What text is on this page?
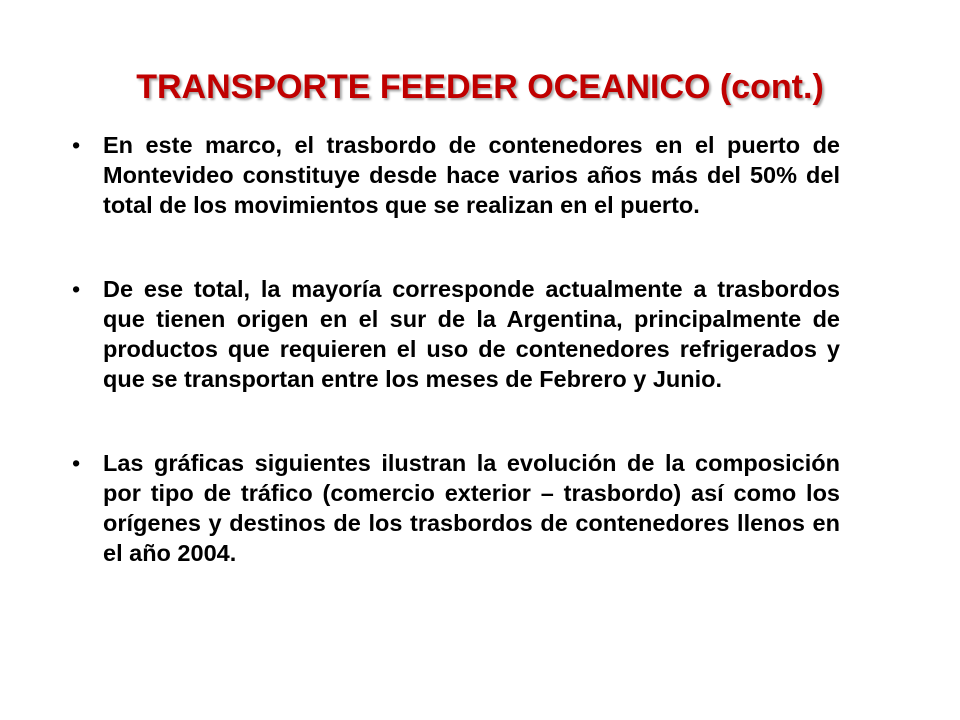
TRANSPORTE FEEDER OCEANICO (cont.)
• En este marco, el trasbordo de contenedores en el puerto de Montevideo constituye desde hace varios años más del 50% del total de los movimientos que se realizan en el puerto.
• De ese total, la mayoría corresponde actualmente a trasbordos que tienen origen en el sur de la Argentina, principalmente de productos que requieren el uso de contenedores refrigerados y que se transportan entre los meses de Febrero y Junio.
• Las gráficas siguientes ilustran la evolución de la composición por tipo de tráfico (comercio exterior – trasbordo) así como los orígenes y destinos de los trasbordos de contenedores llenos en el año 2004.
